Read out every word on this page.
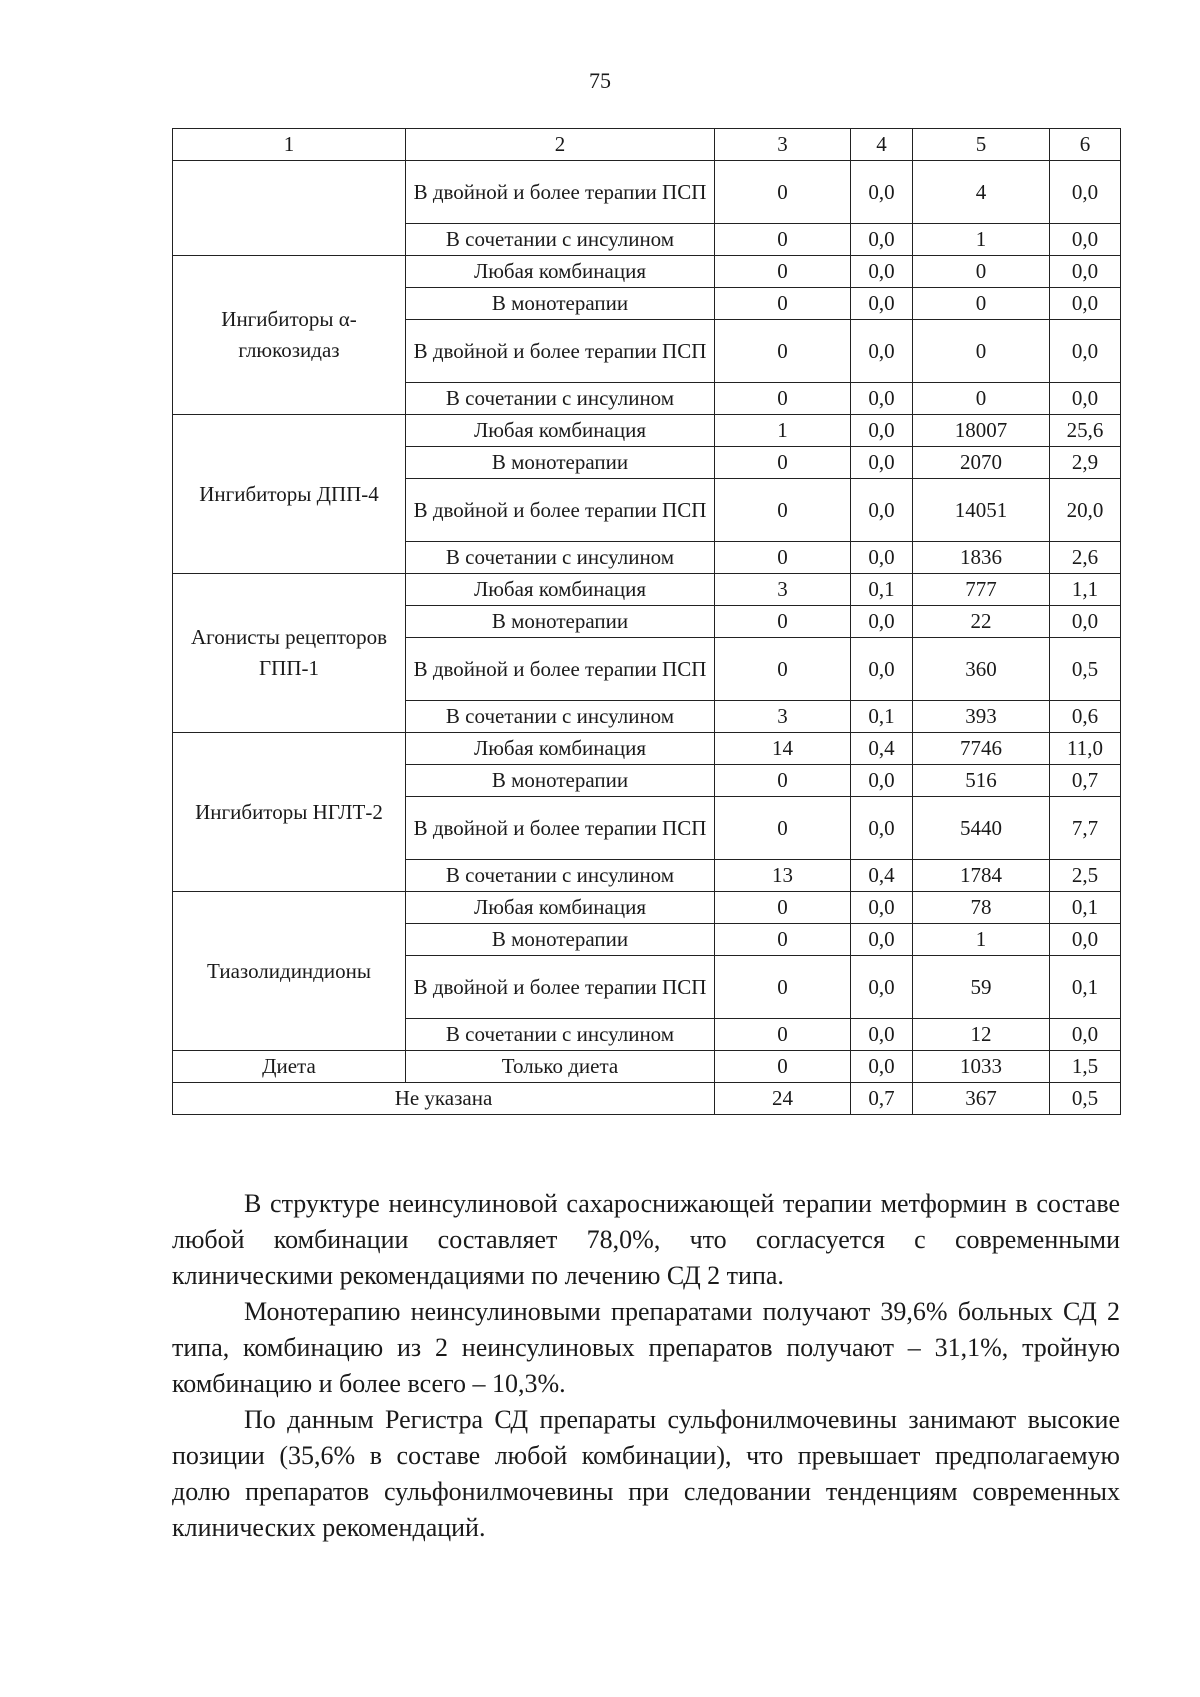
75
1	2	3	4	5	6
	В двойной и более терапии ПСП	0	0,0	4	0,0
	В сочетании с инсулином	0	0,0	1	0,0
Ингибиторы α-глюкозидаз	Любая комбинация	0	0,0	0	0,0
	В монотерапии	0	0,0	0	0,0
	В двойной и более терапии ПСП	0	0,0	0	0,0
	В сочетании с инсулином	0	0,0	0	0,0
Ингибиторы ДПП-4	Любая комбинация	1	0,0	18007	25,6
	В монотерапии	0	0,0	2070	2,9
	В двойной и более терапии ПСП	0	0,0	14051	20,0
	В сочетании с инсулином	0	0,0	1836	2,6
Агонисты рецепторов ГПП-1	Любая комбинация	3	0,1	777	1,1
	В монотерапии	0	0,0	22	0,0
	В двойной и более терапии ПСП	0	0,0	360	0,5
	В сочетании с инсулином	3	0,1	393	0,6
Ингибиторы НГЛТ-2	Любая комбинация	14	0,4	7746	11,0
	В монотерапии	0	0,0	516	0,7
	В двойной и более терапии ПСП	0	0,0	5440	7,7
	В сочетании с инсулином	13	0,4	1784	2,5
Тиазолидиндионы	Любая комбинация	0	0,0	78	0,1
	В монотерапии	0	0,0	1	0,0
	В двойной и более терапии ПСП	0	0,0	59	0,1
	В сочетании с инсулином	0	0,0	12	0,0
Диета	Только диета	0	0,0	1033	1,5
Не указана		24	0,7	367	0,5

В структуре неинсулиновой сахароснижающей терапии метформин в составе любой комбинации составляет 78,0%, что согласуется с современными клиническими рекомендациями по лечению СД 2 типа.

Монотерапию неинсулиновыми препаратами получают 39,6% больных СД 2 типа, комбинацию из 2 неинсулиновых препаратов получают – 31,1%, тройную комбинацию и более всего – 10,3%.

По данным Регистра СД препараты сульфонилмочевины занимают высокие позиции (35,6% в составе любой комбинации), что превышает предполагаемую долю препаратов сульфонилмочевины при следовании тенденциям современных клинических рекомендаций.
